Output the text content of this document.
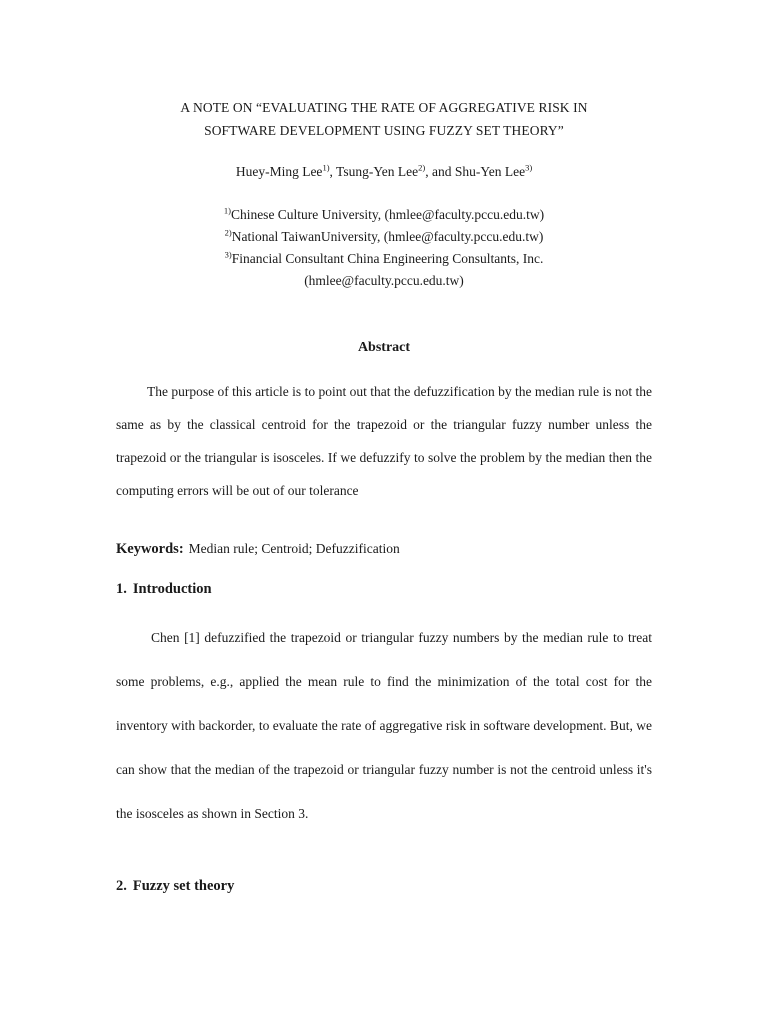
A NOTE ON “EVALUATING THE RATE OF AGGREGATIVE RISK IN
SOFTWARE DEVELOPMENT USING FUZZY SET THEORY”
Huey-Ming Lee$^{1)}$, Tsung-Yen Lee$^{2)}$, and Shu-Yen Lee$^{3)}$
$^{1)}$Chinese Culture University, (hmlee@faculty.pccu.edu.tw)
$^{2)}$National TaiwanUniversity, (hmlee@faculty.pccu.edu.tw)
$^{3)}$Financial Consultant China Engineering Consultants, Inc.
(hmlee@faculty.pccu.edu.tw)
Abstract
The purpose of this article is to point out that the defuzzification by the median rule is not the same as by the classical centroid for the trapezoid or the triangular fuzzy number unless the trapezoid or the triangular is isosceles. If we defuzzify to solve the problem by the median then the computing errors will be out of our tolerance
Keywords: Median rule; Centroid; Defuzzification
1. Introduction
Chen [1] defuzzified the trapezoid or triangular fuzzy numbers by the median rule to treat some problems, e.g., applied the mean rule to find the minimization of the total cost for the inventory with backorder, to evaluate the rate of aggregative risk in software development. But, we can show that the median of the trapezoid or triangular fuzzy number is not the centroid unless it's the isosceles as shown in Section 3.
2. Fuzzy set theory
